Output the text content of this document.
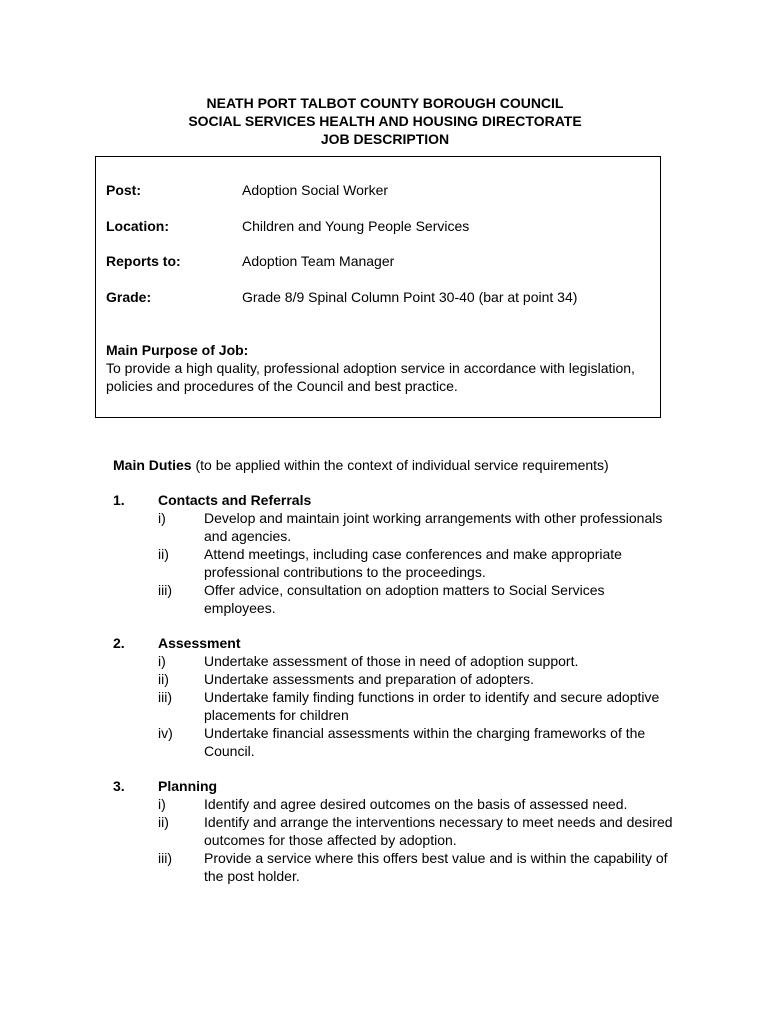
NEATH PORT TALBOT COUNTY BOROUGH COUNCIL
SOCIAL SERVICES HEALTH AND HOUSING DIRECTORATE
JOB DESCRIPTION
Post:	Adoption Social Worker
Location:	Children and Young People Services
Reports to:	Adoption Team Manager
Grade:	Grade 8/9 Spinal Column Point 30-40 (bar at point 34)
Main Purpose of Job:
To provide a high quality, professional adoption service in accordance with legislation, policies and procedures of the Council and best practice.
Main Duties (to be applied within the context of individual service requirements)
1. Contacts and Referrals
i)	Develop and maintain joint working arrangements with other professionals and agencies.
ii)	Attend meetings, including case conferences and make appropriate professional contributions to the proceedings.
iii) Offer advice, consultation on adoption matters to Social Services employees.
2. Assessment
i)	Undertake assessment of those in need of adoption support.
ii)	Undertake assessments and preparation of adopters.
iii) Undertake family finding functions in order to identify and secure adoptive placements for children
iv) Undertake financial assessments within the charging frameworks of the Council.
3. Planning
i)	Identify and agree desired outcomes on the basis of assessed need.
ii)	Identify and arrange the interventions necessary to meet needs and desired outcomes for those affected by adoption.
iii) Provide a service where this offers best value and is within the capability of the post holder.
